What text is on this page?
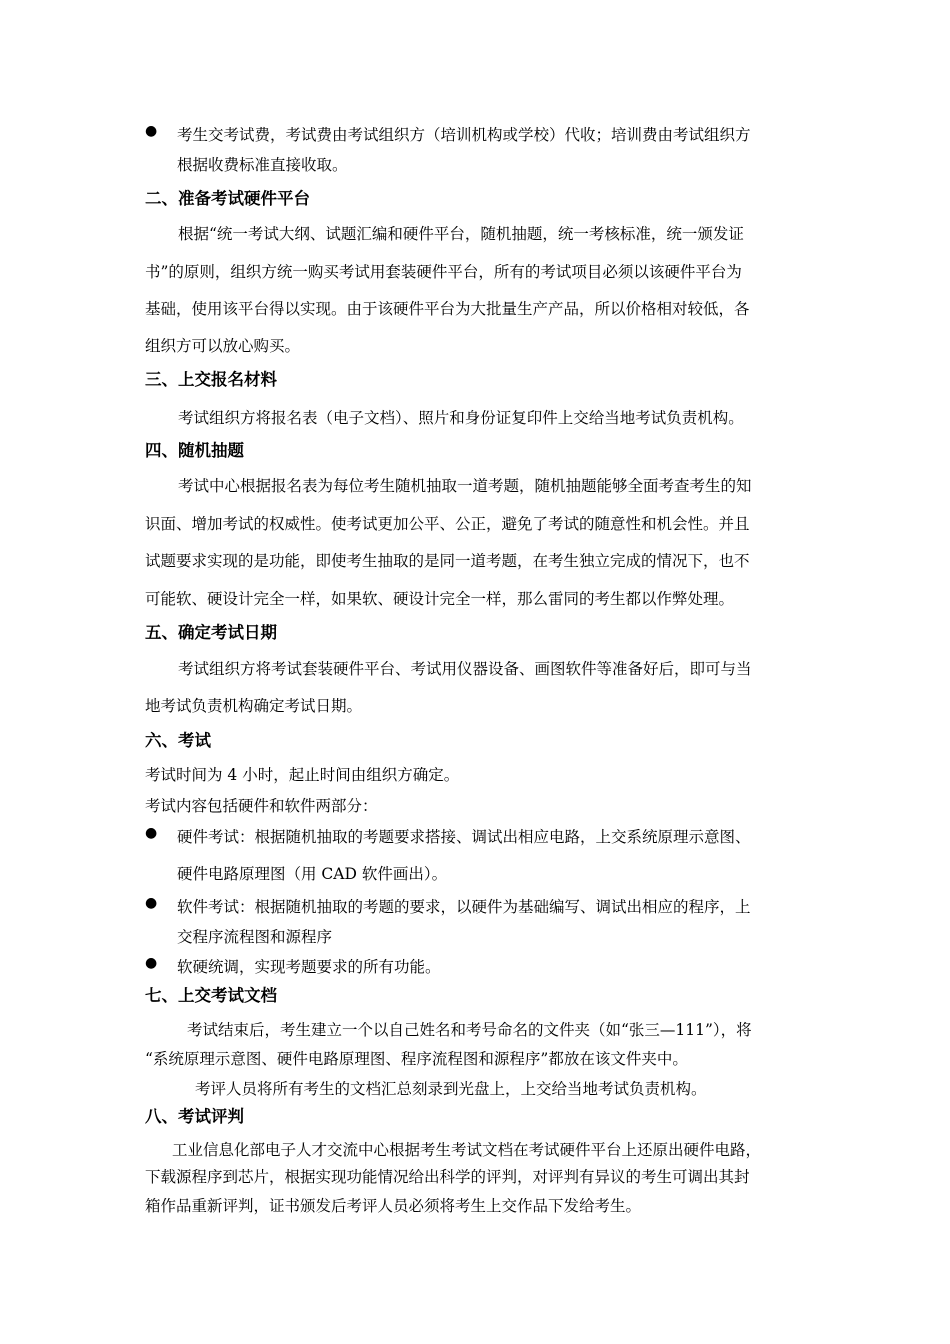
● 考生交考试费，考试费由考试组织方（培训机构或学校）代收；培训费由考试组织方
根据收费标准直接收取。
二、准备考试硬件平台
根据“统一考试大纲、试题汇编和硬件平台，随机抽题，统一考核标准，统一颁发证
书”的原则，组织方统一购买考试用套装硬件平台，所有的考试项目必须以该硬件平台为
基础，使用该平台得以实现。由于该硬件平台为大批量生产产品，所以价格相对较低，各
组织方可以放心购买。
三、上交报名材料
考试组织方将报名表（电子文档）、照片和身份证复印件上交给当地考试负责机构。
四、随机抽题
考试中心根据报名表为每位考生随机抽取一道考题，随机抽题能够全面考查考生的知
识面、增加考试的权威性。使考试更加公平、公正，避免了考试的随意性和机会性。并且
试题要求实现的是功能，即使考生抽取的是同一道考题，在考生独立完成的情况下，也不
可能软、硬设计完全一样，如果软、硬设计完全一样，那么雷同的考生都以作弊处理。
五、确定考试日期
考试组织方将考试套装硬件平台、考试用仪器设备、画图软件等准备好后，即可与当
地考试负责机构确定考试日期。
六、考试
考试时间为 4 小时，起止时间由组织方确定。
考试内容包括硬件和软件两部分：
● 硬件考试：根据随机抽取的考题要求搭接、调试出相应电路，上交系统原理示意图、
硬件电路原理图（用 CAD 软件画出）。
● 软件考试：根据随机抽取的考题的要求，以硬件为基础编写、调试出相应的程序，上
交程序流程图和源程序
● 软硬统调，实现考题要求的所有功能。
七、上交考试文档
考试结束后，考生建立一个以自己姓名和考号命名的文件夹（如“张三—111”），将
“系统原理示意图、硬件电路原理图、程序流程图和源程序”都放在该文件夹中。
考评人员将所有考生的文档汇总刻录到光盘上，上交给当地考试负责机构。
八、考试评判
工业信息化部电子人才交流中心根据考生考试文档在考试硬件平台上还原出硬件电路，
下载源程序到芯片，根据实现功能情况给出科学的评判，对评判有异议的考生可调出其封
箱作品重新评判，证书颁发后考评人员必须将考生上交作品下发给考生。
